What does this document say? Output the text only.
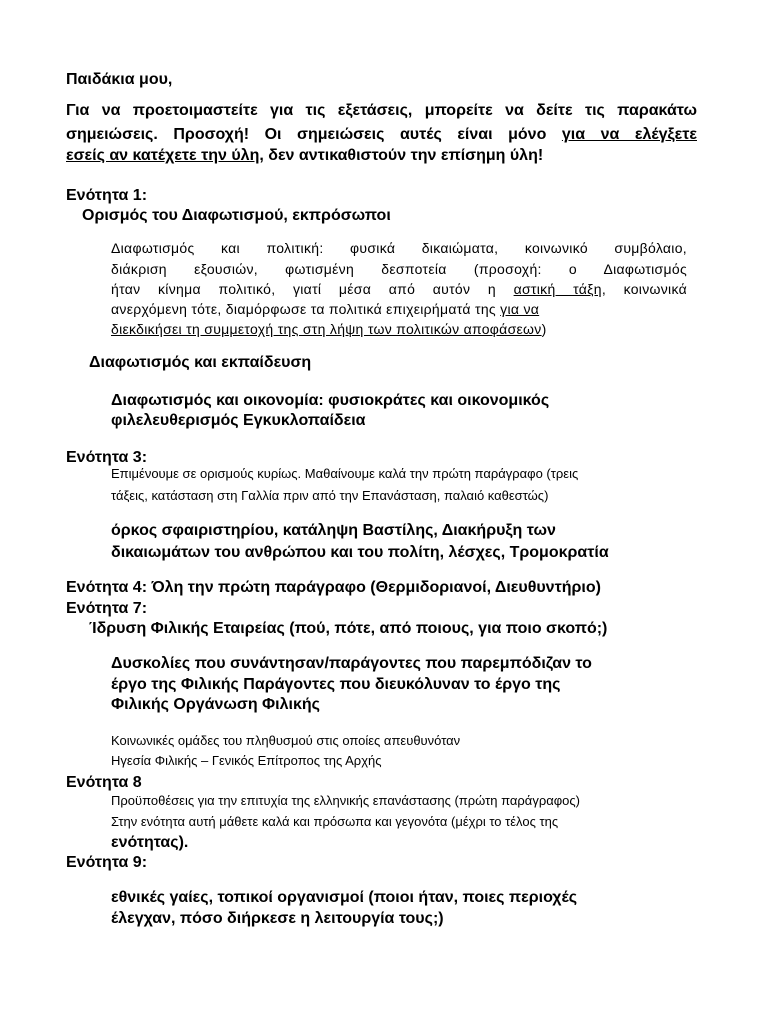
Παιδάκια μου,
Για να προετοιμαστείτε για τις εξετάσεις, μπορείτε να δείτε τις παρακάτω
σημειώσεις. Προσοχή! Οι σημειώσεις αυτές είναι μόνο για να ελέγξετε
εσείς αν κατέχετε την ύλη, δεν αντικαθιστούν την επίσημη ύλη!
Ενότητα 1:
Ορισμός του Διαφωτισμού, εκπρόσωποι
Διαφωτισμός και πολιτική: φυσικά δικαιώματα, κοινωνικό συμβόλαιο,
διάκριση εξουσιών, φωτισμένη δεσποτεία (προσοχή: ο Διαφωτισμός
ήταν κίνημα πολιτικό, γιατί μέσα από αυτόν η αστική τάξη, κοινωνικά
ανερχόμενη τότε, διαμόρφωσε τα πολιτικά επιχειρήματά της για να
διεκδικήσει τη συμμετοχή της στη λήψη των πολιτικών αποφάσεων)
Διαφωτισμός και εκπαίδευση
Διαφωτισμός και οικονομία: φυσιοκράτες και οικονομικός
φιλελευθερισμός Εγκυκλοπαίδεια
Ενότητα 3:
Επιμένουμε σε ορισμούς κυρίως. Μαθαίνουμε καλά την πρώτη παράγραφο (τρεις
τάξεις, κατάσταση στη Γαλλία πριν από την Επανάσταση, παλαιό καθεστώς)
όρκος σφαιριστηρίου, κατάληψη Βαστίλης, Διακήρυξη των
δικαιωμάτων του ανθρώπου και του πολίτη, λέσχες, Τρομοκρατία
Ενότητα 4: Όλη την πρώτη παράγραφο (Θερμιδοριανοί, Διευθυντήριο)
Ενότητα 7:
Ίδρυση Φιλικής Εταιρείας (πού, πότε, από ποιους, για ποιο σκοπό;)
Δυσκολίες που συνάντησαν/παράγοντες που παρεμπόδιζαν το
έργο της Φιλικής Παράγοντες που διευκόλυναν το έργο της
Φιλικής Οργάνωση Φιλικής
Κοινωνικές ομάδες του πληθυσμού στις οποίες απευθυνόταν
Ηγεσία Φιλικής – Γενικός Επίτροπος της Αρχής
Ενότητα 8
Προϋποθέσεις για την επιτυχία της ελληνικής επανάστασης (πρώτη παράγραφος)
Στην ενότητα αυτή μάθετε καλά και πρόσωπα και γεγονότα (μέχρι το τέλος της
ενότητας).
Ενότητα 9:
εθνικές γαίες, τοπικοί οργανισμοί (ποιοι ήταν, ποιες περιοχές
έλεγχαν, πόσο διήρκεσε η λειτουργία τους;)
